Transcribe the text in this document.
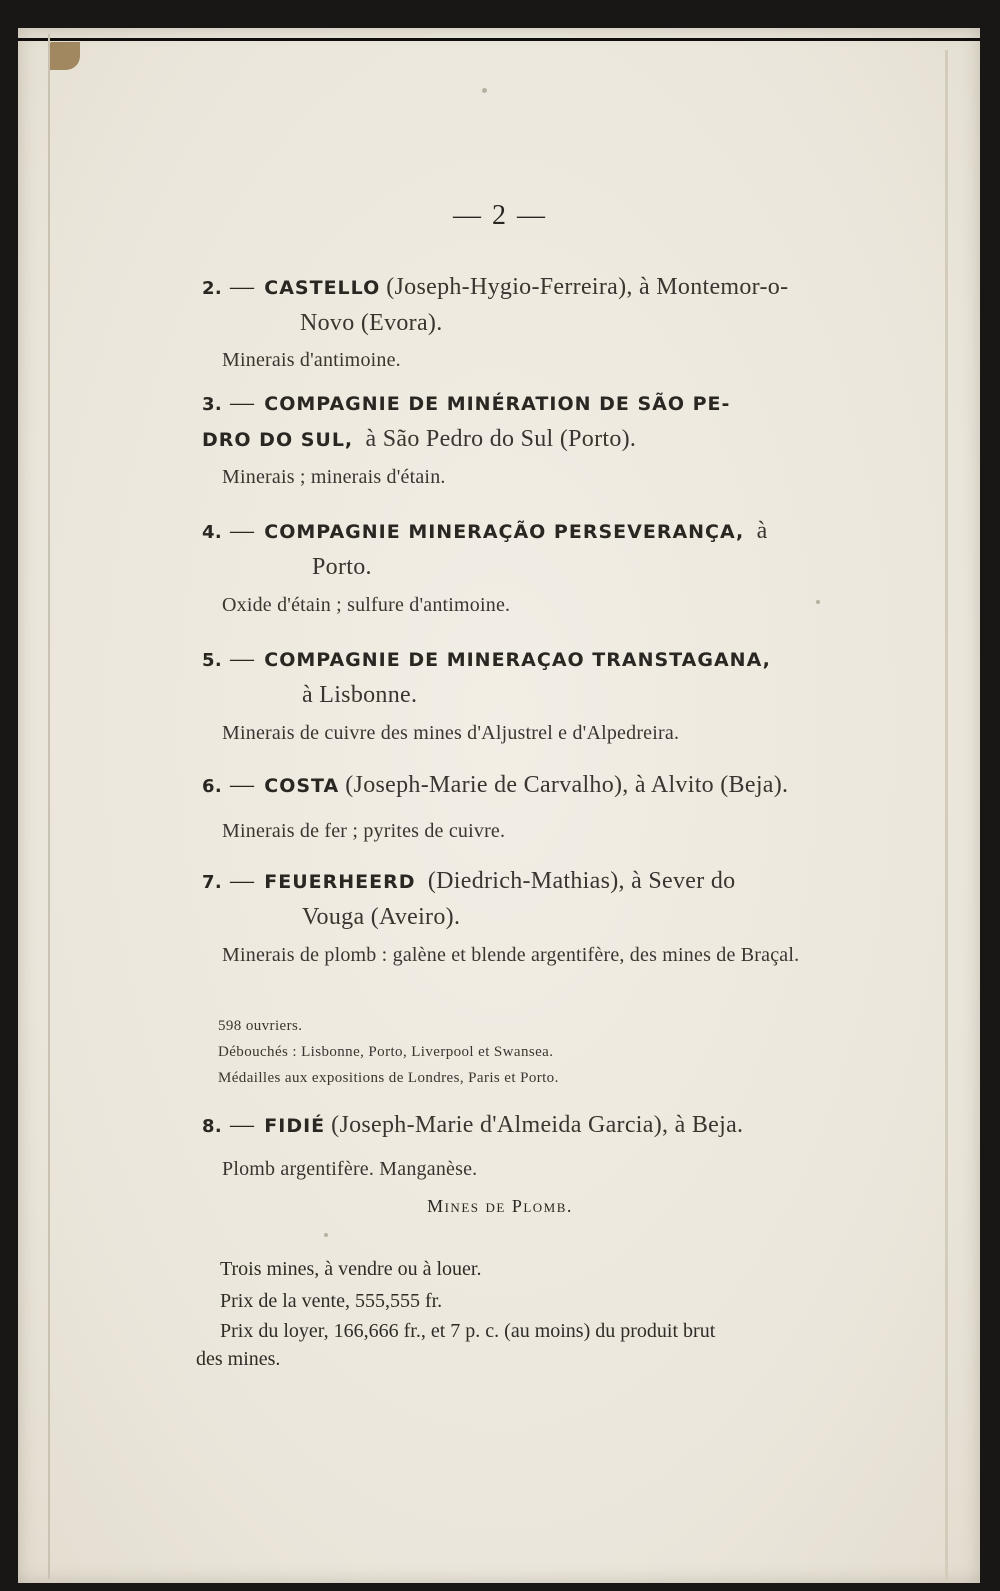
— 2 —
2. — CASTELLO (Joseph-Hygio-Ferreira), à Montemor-o-
Novo (Evora).
Minerais d'antimoine.
3. — COMPAGNIE DE MINÉRATION DE SÃO PE-
DRO DO SUL, à São Pedro do Sul (Porto).
Minerais ; minerais d'étain.
4. — COMPAGNIE MINERAÇÃO PERSEVERANÇA, à
Porto.
Oxide d'étain ; sulfure d'antimoine.
5. — COMPAGNIE DE MINERAÇAO TRANSTAGANA,
à Lisbonne.
Minerais de cuivre des mines d'Aljustrel e d'Alpedreira.
6. — COSTA (Joseph-Marie de Carvalho), à Alvito (Beja).
Minerais de fer ; pyrites de cuivre.
7. — FEUERHEERD (Diedrich-Mathias), à Sever do
Vouga (Aveiro).
Minerais de plomb : galène et blende argentifère, des mines de Braçal.
598 ouvriers.
Débouchés : Lisbonne, Porto, Liverpool et Swansea.
Médailles aux expositions de Londres, Paris et Porto.
8. — FIDIÉ (Joseph-Marie d'Almeida Garcia), à Beja.
Plomb argentifère. Manganèse.
Mines de Plomb.
Trois mines, à vendre ou à louer.
Prix de la vente, 555,555 fr.
Prix du loyer, 166,666 fr., et 7 p. c. (au moins) du produit brut
des mines.
